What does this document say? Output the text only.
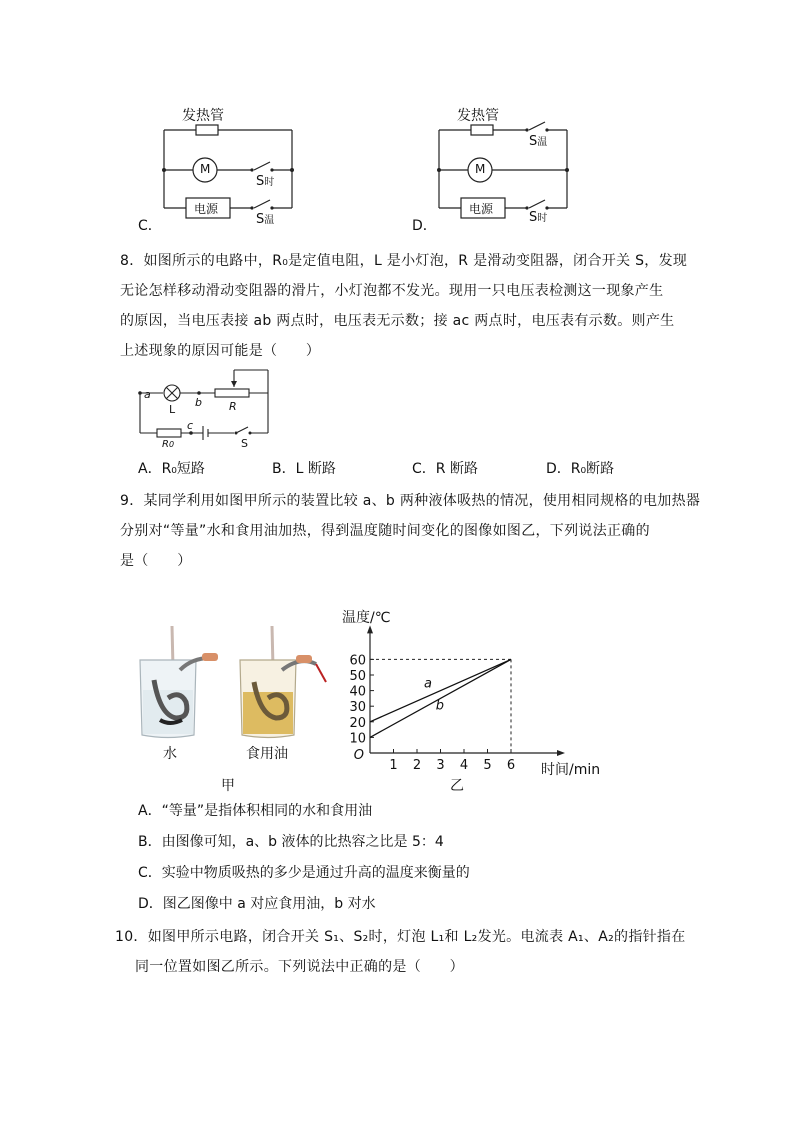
发热管
M
电源
S时
S温
C．
发热管
M
电源
S温
S时
D．
8．如图所示的电路中，R₀是定值电阻，L 是小灯泡，R 是滑动变阻器，闭合开关 S，发现
无论怎样移动滑动变阻器的滑片，小灯泡都不发光。现用一只电压表检测这一现象产生
的原因，当电压表接 ab 两点时，电压表无示数；接 ac 两点时，电压表有示数。则产生
上述现象的原因可能是（　　）
a
L
b R
c
R0	S
A．R₀短路	B．L 断路	C．R 断路	D．R₀断路
9．某同学利用如图甲所示的装置比较 a、b 两种液体吸热的情况，使用相同规格的电加热器
分别对“等量”水和食用油加热，得到温度随时间变化的图像如图乙，下列说法正确的
是（　　）
水	食用油
甲
1 2 3 4 5 6
10
20
30
40
50
60
O
温度/℃
时间/min
a
b
乙
A．“等量”是指体积相同的水和食用油
B．由图像可知，a、b 液体的比热容之比是 5：4
C．实验中物质吸热的多少是通过升高的温度来衡量的
D．图乙图像中 a 对应食用油，b 对水
10．如图甲所示电路，闭合开关 S₁、S₂时，灯泡 L₁和 L₂发光。电流表 A₁、A₂的指针指在
同一位置如图乙所示。下列说法中正确的是（　　）
